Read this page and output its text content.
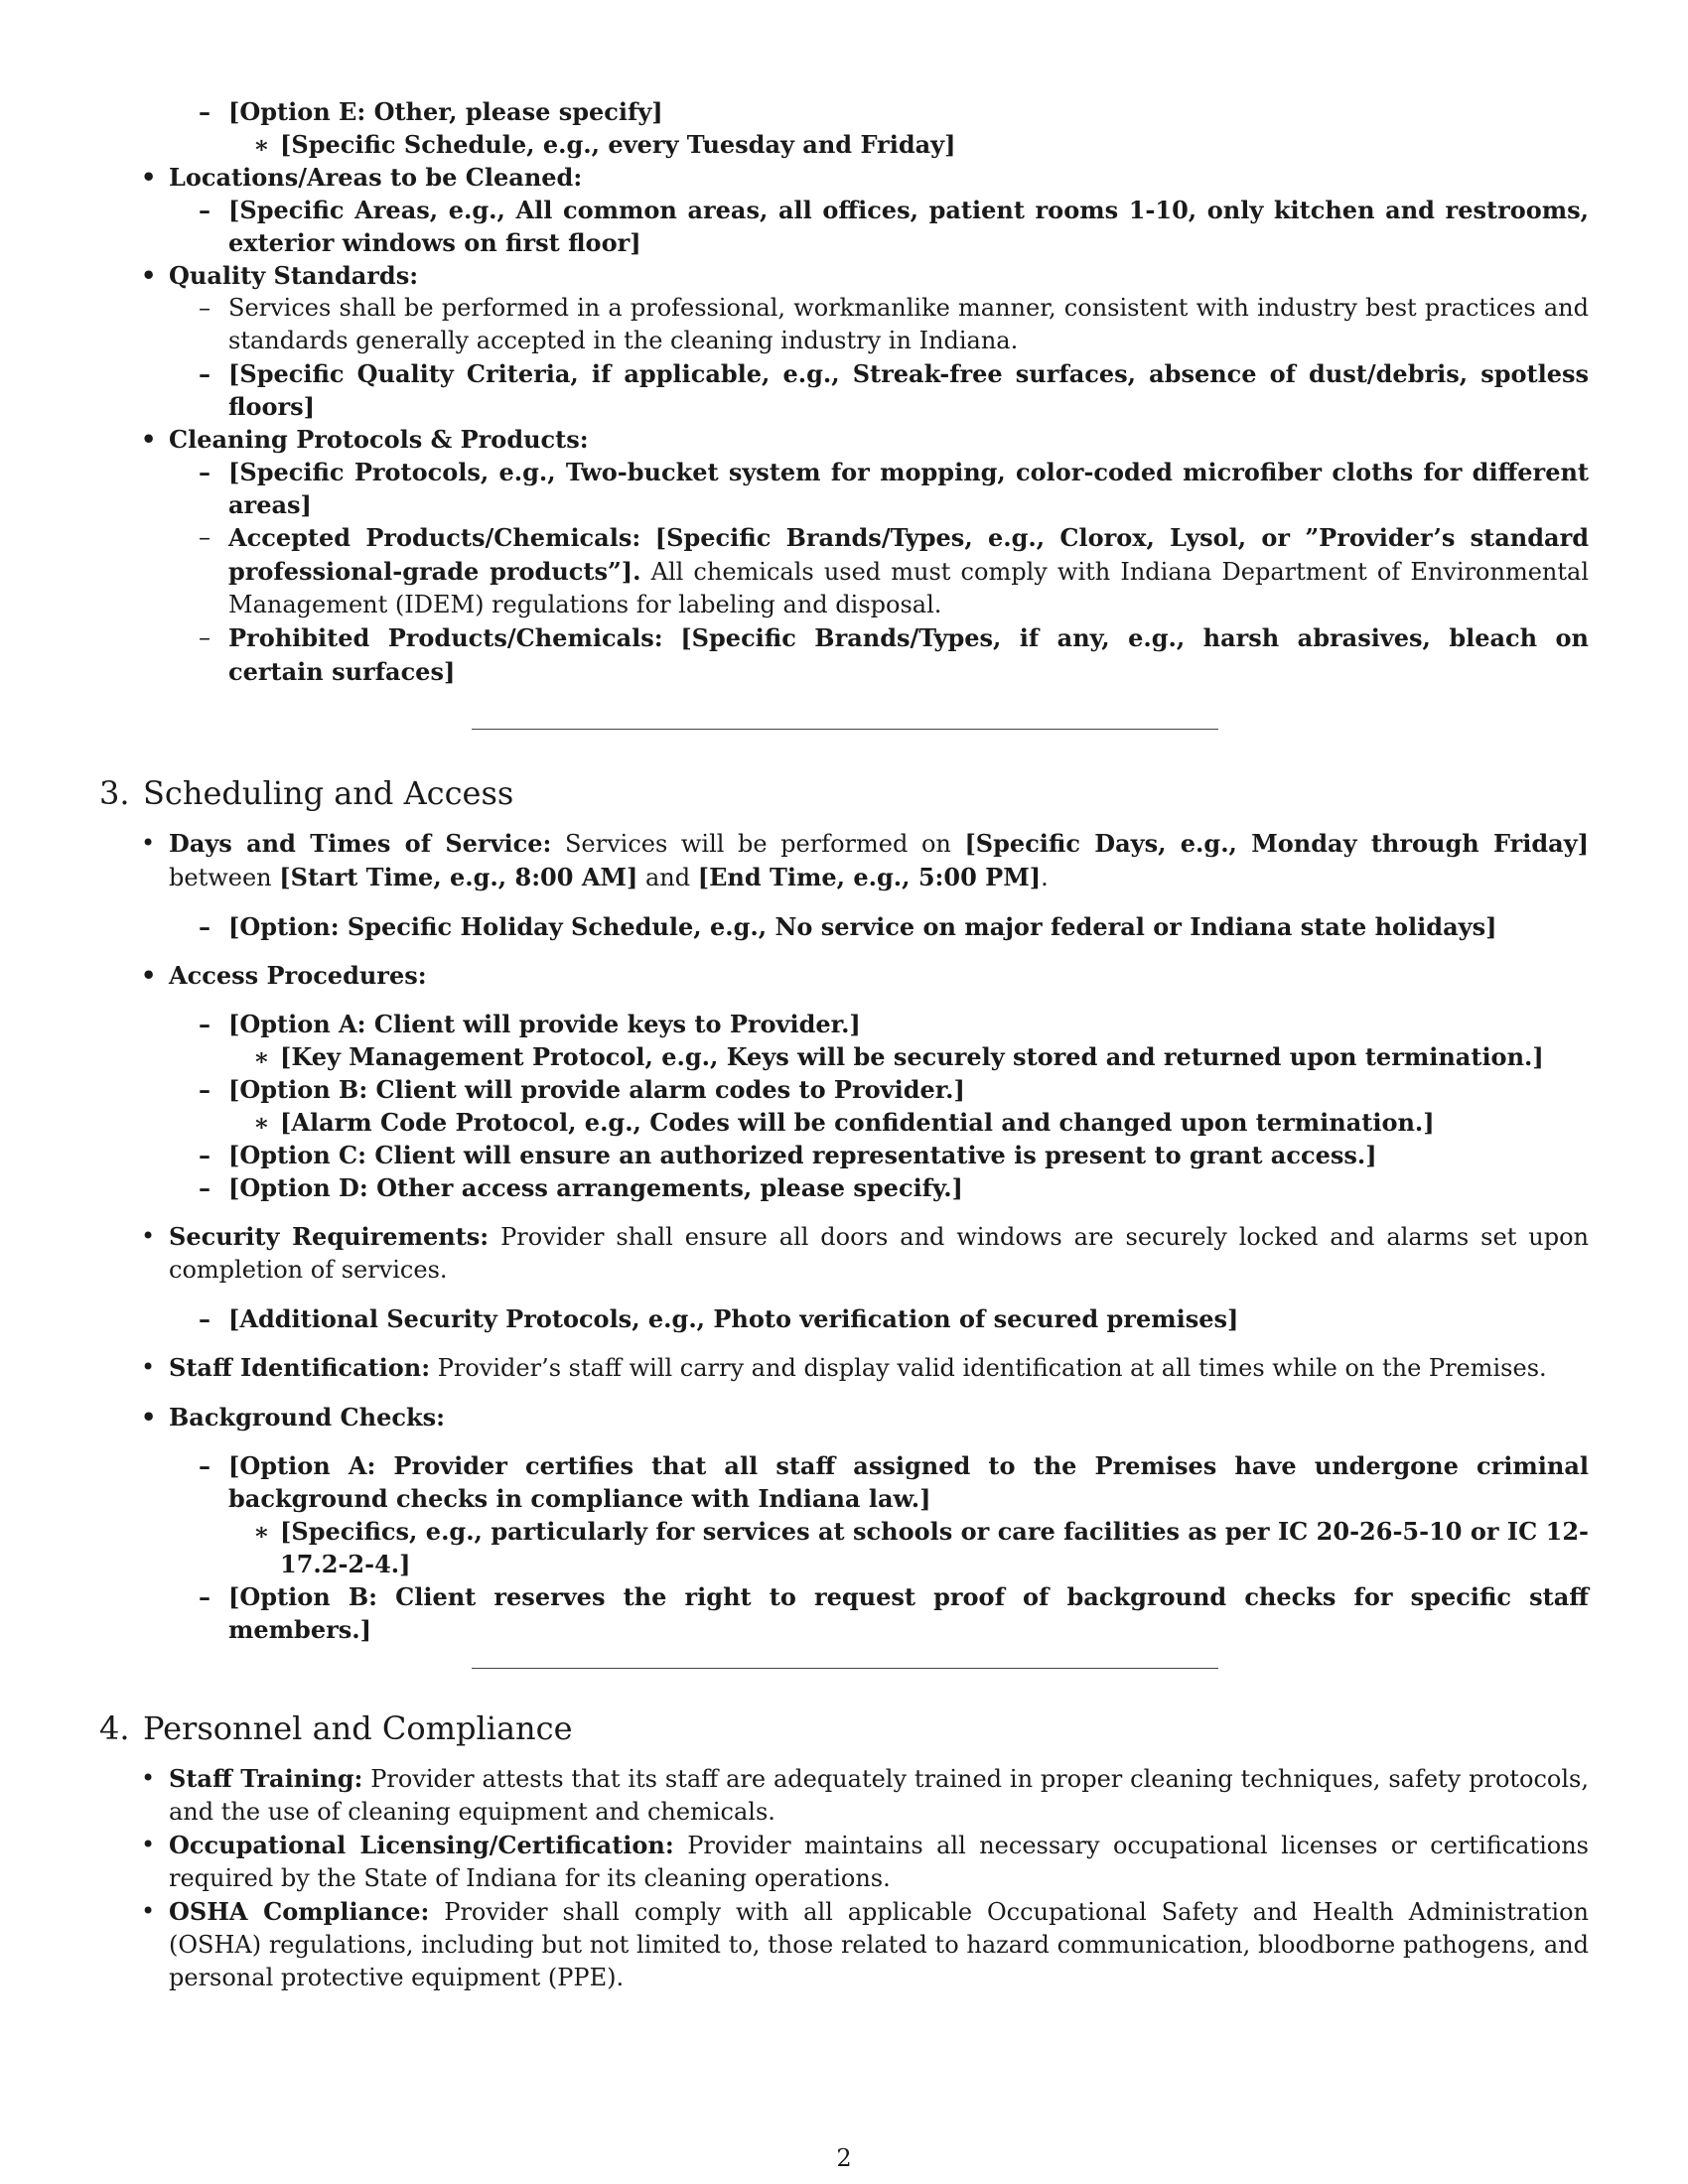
– [Option E: Other, please specify]
∗ [Specific Schedule, e.g., every Tuesday and Friday]
• Locations/Areas to be Cleaned:
– [Specific Areas, e.g., All common areas, all offices, patient rooms 1-10, only kitchen and restrooms, exterior windows on first floor]
• Quality Standards:
– Services shall be performed in a professional, workmanlike manner, consistent with industry best practices and standards generally accepted in the cleaning industry in Indiana.
– [Specific Quality Criteria, if applicable, e.g., Streak-free surfaces, absence of dust/debris, spotless floors]
• Cleaning Protocols & Products:
– [Specific Protocols, e.g., Two-bucket system for mopping, color-coded microfiber cloths for different areas]
– Accepted Products/Chemicals: [Specific Brands/Types, e.g., Clorox, Lysol, or ”Provider’s standard professional-grade products”]. All chemicals used must comply with Indiana Department of Environmental Management (IDEM) regulations for labeling and disposal.
– Prohibited Products/Chemicals: [Specific Brands/Types, if any, e.g., harsh abrasives, bleach on certain surfaces]
3. Scheduling and Access
• Days and Times of Service: Services will be performed on [Specific Days, e.g., Monday through Friday] between [Start Time, e.g., 8:00 AM] and [End Time, e.g., 5:00 PM].
– [Option: Specific Holiday Schedule, e.g., No service on major federal or Indiana state holidays]
• Access Procedures:
– [Option A: Client will provide keys to Provider.]
∗ [Key Management Protocol, e.g., Keys will be securely stored and returned upon termination.]
– [Option B: Client will provide alarm codes to Provider.]
∗ [Alarm Code Protocol, e.g., Codes will be confidential and changed upon termination.]
– [Option C: Client will ensure an authorized representative is present to grant access.]
– [Option D: Other access arrangements, please specify.]
• Security Requirements: Provider shall ensure all doors and windows are securely locked and alarms set upon completion of services.
– [Additional Security Protocols, e.g., Photo verification of secured premises]
• Staff Identification: Provider’s staff will carry and display valid identification at all times while on the Premises.
• Background Checks:
– [Option A: Provider certifies that all staff assigned to the Premises have undergone criminal background checks in compliance with Indiana law.]
∗ [Specifics, e.g., particularly for services at schools or care facilities as per IC 20-26-5-10 or IC 12-17.2-2-4.]
– [Option B: Client reserves the right to request proof of background checks for specific staff members.]
4. Personnel and Compliance
• Staff Training: Provider attests that its staff are adequately trained in proper cleaning techniques, safety protocols, and the use of cleaning equipment and chemicals.
• Occupational Licensing/Certification: Provider maintains all necessary occupational licenses or certifications required by the State of Indiana for its cleaning operations.
• OSHA Compliance: Provider shall comply with all applicable Occupational Safety and Health Administration (OSHA) regulations, including but not limited to, those related to hazard communication, bloodborne pathogens, and personal protective equipment (PPE).
2
